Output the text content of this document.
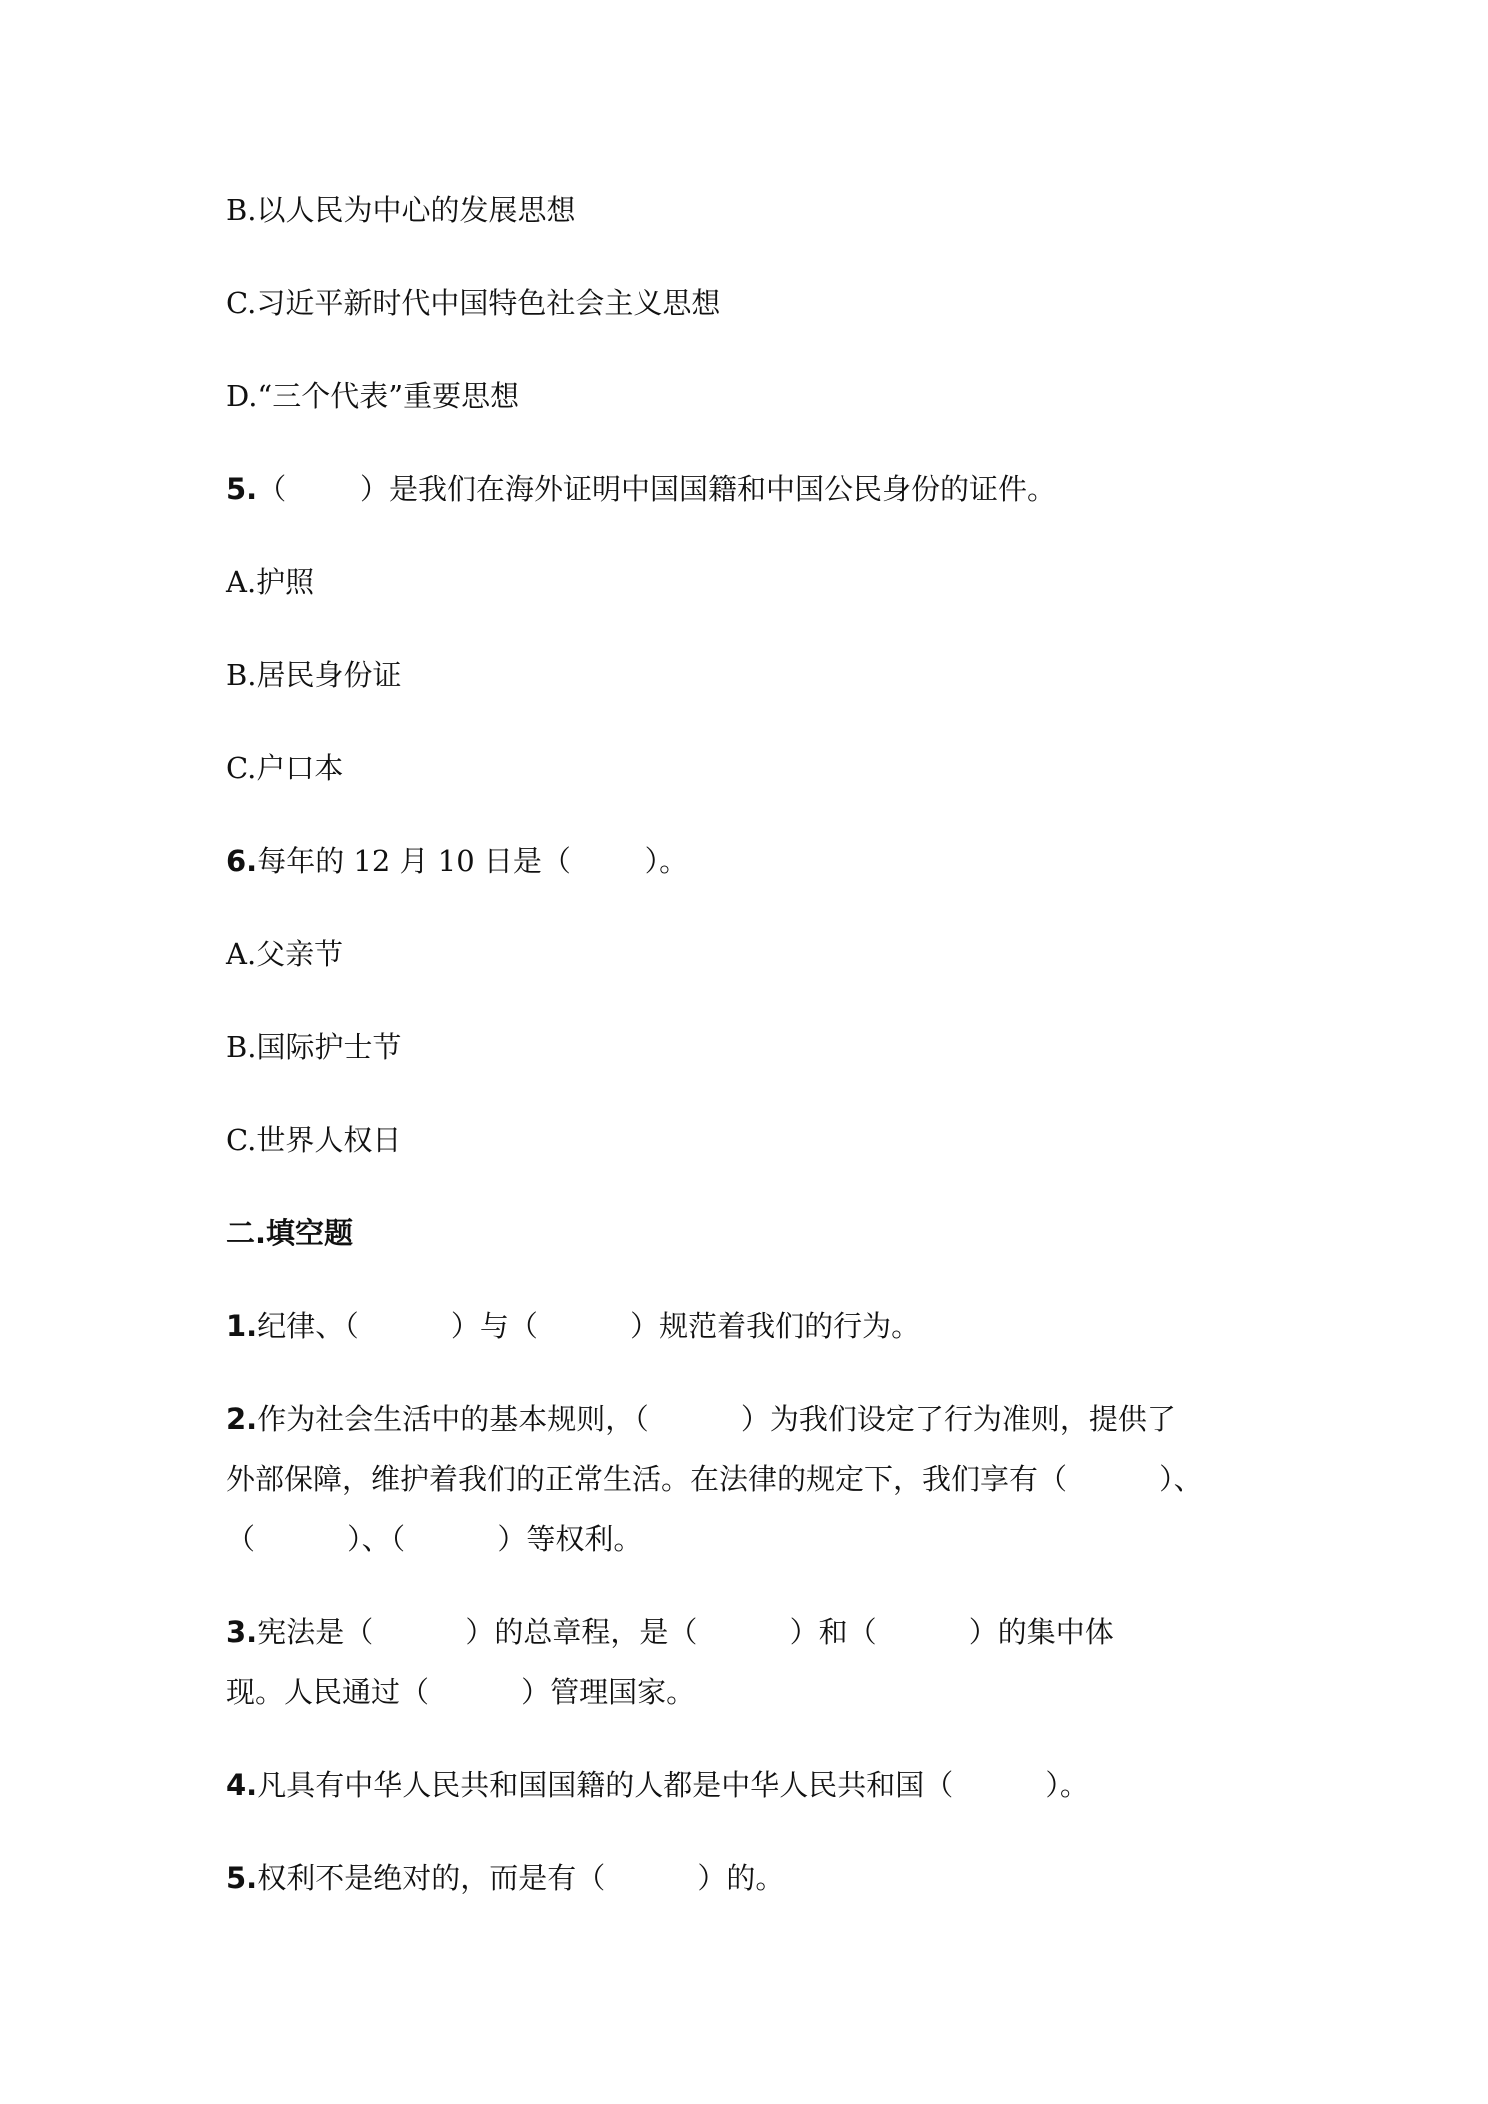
B.以人民为中心的发展思想
C.习近平新时代中国特色社会主义思想
D.“三个代表”重要思想
5.（        ）是我们在海外证明中国国籍和中国公民身份的证件。
A.护照
B.居民身份证
C.户口本
6.每年的 12 月 10 日是（        ）。
A.父亲节
B.国际护士节
C.世界人权日
二.填空题
1.纪律、（          ）与（          ）规范着我们的行为。
2.作为社会生活中的基本规则，（          ）为我们设定了行为准则，提供了
外部保障，维护着我们的正常生活。在法律的规定下，我们享有（          ）、
（          ）、（          ）等权利。
3.宪法是（          ）的总章程，是（          ）和（          ）的集中体
现。人民通过（          ）管理国家。
4.凡具有中华人民共和国国籍的人都是中华人民共和国（          ）。
5.权利不是绝对的，而是有（          ）的。
